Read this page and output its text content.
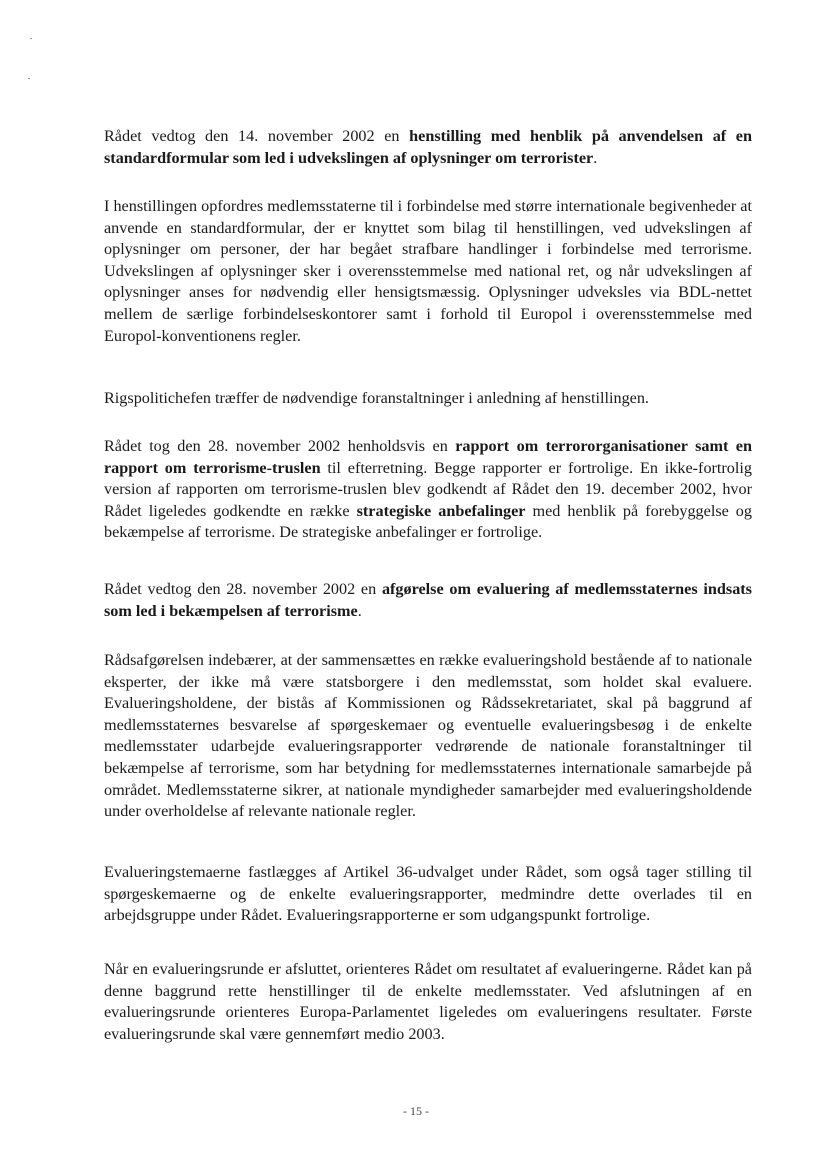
Rådet vedtog den 14. november 2002 en henstilling med henblik på anvendelsen af en standardformular som led i udvekslingen af oplysninger om terrorister.
I henstillingen opfordres medlemsstaterne til i forbindelse med større internationale begivenheder at anvende en standardformular, der er knyttet som bilag til henstillingen, ved udvekslingen af oplysninger om personer, der har begået strafbare handlinger i forbindelse med terrorisme. Udvekslingen af oplysninger sker i overensstemmelse med national ret, og når udvekslingen af oplysninger anses for nødvendig eller hensigtsmæssig. Oplysninger udveksles via BDL-nettet mellem de særlige forbindelseskontorer samt i forhold til Europol i overensstemmelse med Europol-konventionens regler.
Rigspolitichefen træffer de nødvendige foranstaltninger i anledning af henstillingen.
Rådet tog den 28. november 2002 henholdsvis en rapport om terrororganisationer samt en rapport om terrorisme-truslen til efterretning. Begge rapporter er fortrolige. En ikke-fortrolig version af rapporten om terrorisme-truslen blev godkendt af Rådet den 19. december 2002, hvor Rådet ligeledes godkendte en række strategiske anbefalinger med henblik på forebyggelse og bekæmpelse af terrorisme. De strategiske anbefalinger er fortrolige.
Rådet vedtog den 28. november 2002 en afgørelse om evaluering af medlemsstaternes indsats som led i bekæmpelsen af terrorisme.
Rådsafgørelsen indebærer, at der sammensættes en række evalueringshold bestående af to nationale eksperter, der ikke må være statsborgere i den medlemsstat, som holdet skal evaluere. Evalueringsholdene, der bistås af Kommissionen og Rådssekretariatet, skal på baggrund af medlemsstaternes besvarelse af spørgeskemaer og eventuelle evalueringsbesøg i de enkelte medlemsstater udarbejde evalueringsrapporter vedrørende de nationale foranstaltninger til bekæmpelse af terrorisme, som har betydning for medlemsstaternes internationale samarbejde på området. Medlemsstaterne sikrer, at nationale myndigheder samarbejder med evalueringsholdende under overholdelse af relevante nationale regler.
Evalueringstemaerne fastlægges af Artikel 36-udvalget under Rådet, som også tager stilling til spørgeskemaerne og de enkelte evalueringsrapporter, medmindre dette overlades til en arbejdsgruppe under Rådet. Evalueringsrapporterne er som udgangspunkt fortrolige.
Når en evalueringsrunde er afsluttet, orienteres Rådet om resultatet af evalueringerne. Rådet kan på denne baggrund rette henstillinger til de enkelte medlemsstater. Ved afslutningen af en evalueringsrunde orienteres Europa-Parlamentet ligeledes om evalueringens resultater. Første evalueringsrunde skal være gennemført medio 2003.
- 15 -
